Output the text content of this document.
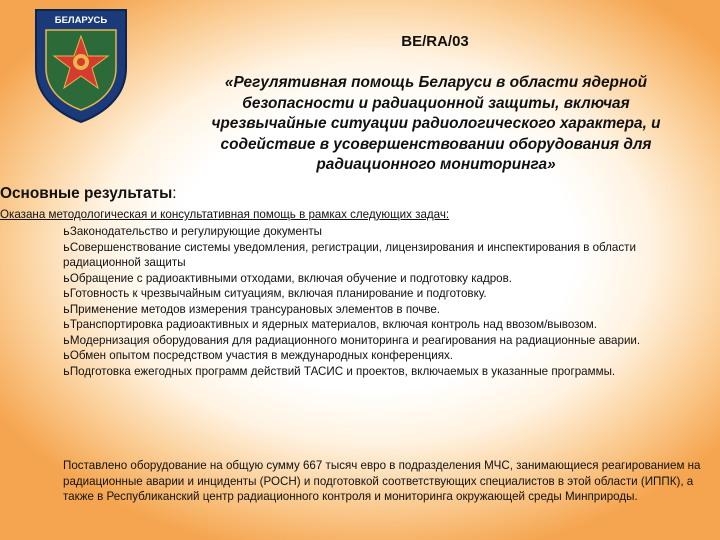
БЕЛАРУСЬ
BE/RA/03
«Регулятивная помощь Беларуси в области ядерной безопасности и радиационной защиты, включая чрезвычайные ситуации радиологического характера, и содействие в усовершенствовании оборудования для радиационного мониторинга»
Основные результаты:
Оказана методологическая и консультативная помощь в рамках следующих задач:
ьЗаконодательство и регулирующие документы
ьСовершенствование системы уведомления, регистрации, лицензирования и инспектирования в области радиационной защиты
ьОбращение с радиоактивными отходами, включая обучение и подготовку кадров.
ьГотовность к чрезвычайным ситуациям, включая планирование и подготовку.
ьПрименение методов измерения трансурановых элементов в почве.
ьТранспортировка радиоактивных и ядерных материалов, включая контроль над ввозом/вывозом.
ьМодернизация оборудования для радиационного мониторинга и реагирования на радиационные аварии.
ьОбмен опытом посредством участия в международных конференциях.
ьПодготовка ежегодных программ действий ТАСИС и проектов, включаемых в указанные программы.
Поставлено оборудование на общую сумму 667 тысяч евро в подразделения МЧС, занимающиеся реагированием на радиационные аварии и инциденты (РОСН) и подготовкой соответствующих специалистов в этой области (ИППК), а также в Республиканский центр радиационного контроля и мониторинга окружающей среды Минприроды.
